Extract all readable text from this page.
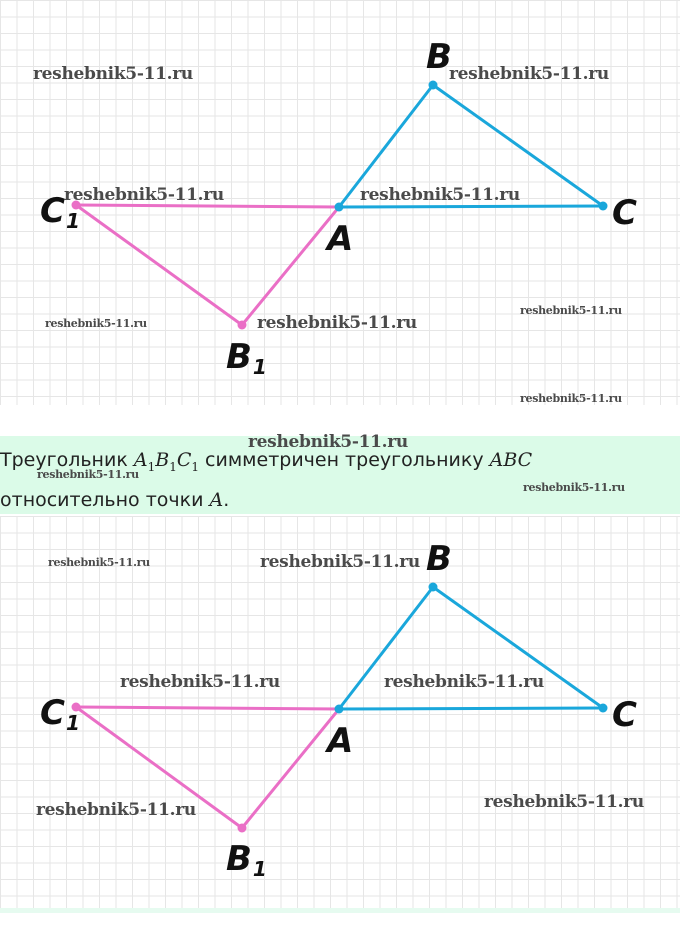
B
C
A
C1
B1
reshebnik5-11.ru	reshebnik5-11.ru
reshebnik5-11.ru	reshebnik5-11.ru
reshebnik5-11.ru
reshebnik5-11.ru
reshebnik5-11.ru
reshebnik5-11.ru
reshebnik5-11.ru
Треугольник $A_1B_1C_1$ симметричен треугольнику ABC относительно точки A.
reshebnik5-11.ru
reshebnik5-11.ru
B
C
A
C1
B1
reshebnik5-11.ru	reshebnik5-11.ru
reshebnik5-11.ru	reshebnik5-11.ru
reshebnik5-11.ru	reshebnik5-11.ru
